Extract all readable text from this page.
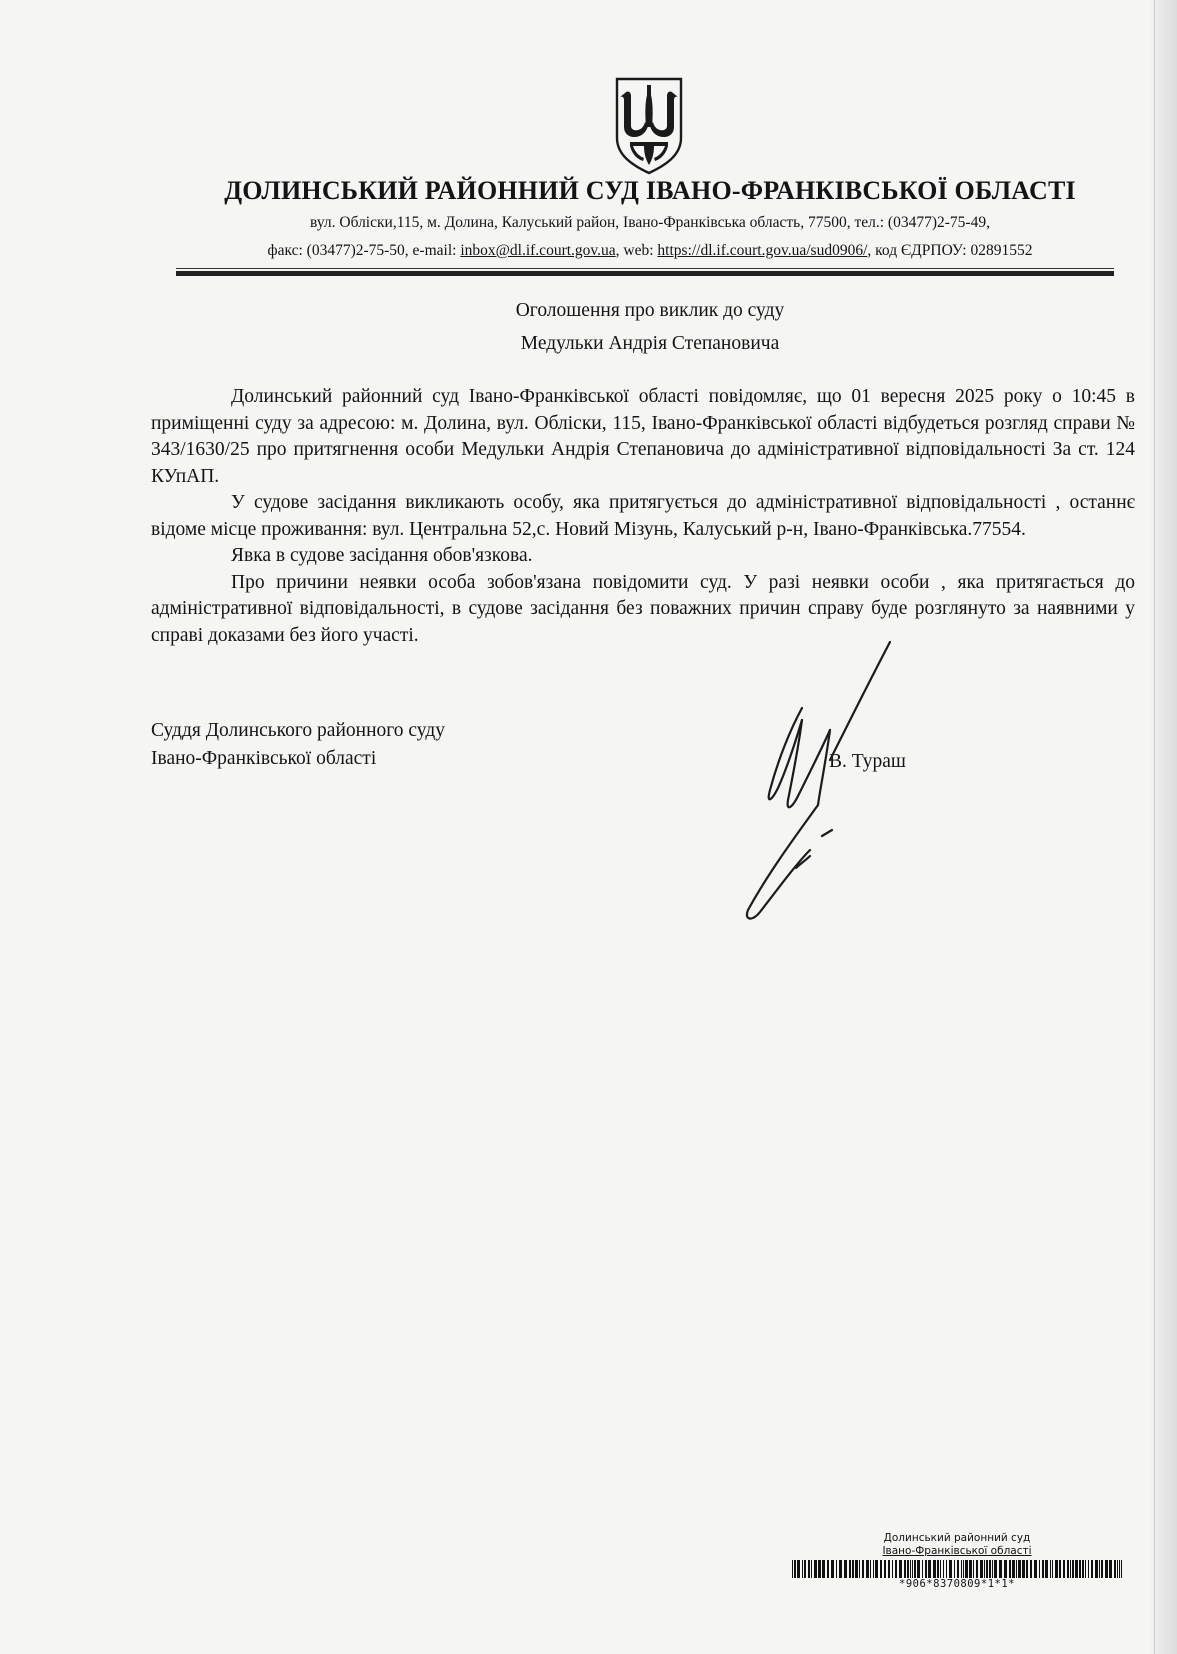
ДОЛИНСЬКИЙ РАЙОННИЙ СУД ІВАНО-ФРАНКІВСЬКОЇ ОБЛАСТІ
вул. Обліски,115, м. Долина, Калуський район, Івано-Франківська область, 77500, тел.: (03477)2-75-49,
факс: (03477)2-75-50, e-mail: inbox@dl.if.court.gov.ua, web: https://dl.if.court.gov.ua/sud0906/, код ЄДРПОУ: 02891552
Оголошення про виклик до суду
Медульки Андрія Степановича

Долинський районний суд Івано-Франківської області повідомляє, що 01 вересня 2025 року о 10:45 в приміщенні суду за адресою: м. Долина, вул. Обліски, 115, Івано-Франківської області відбудеться розгляд справи № 343/1630/25 про притягнення особи Медульки Андрія Степановича до адміністративної відповідальності За ст. 124 КУпАП.

У судове засідання викликають особу, яка притягується до адміністративної відповідальності , останнє відоме місце проживання: вул. Центральна 52,с. Новий Мізунь, Калуський р-н, Івано-Франківська.77554.

Явка в судове засідання обов'язкова.

Про причини неявки особа зобов'язана повідомити суд. У разі неявки особи , яка притягається до адміністративної відповідальності, в судове засідання без поважних причин справу буде розглянуто за наявними у справі доказами без його участі.

Суддя Долинського районного суду
Івано-Франківської області	В. Тураш
Долинський районний суд
Івано-Франківської області
*906*8370809*1*1*
